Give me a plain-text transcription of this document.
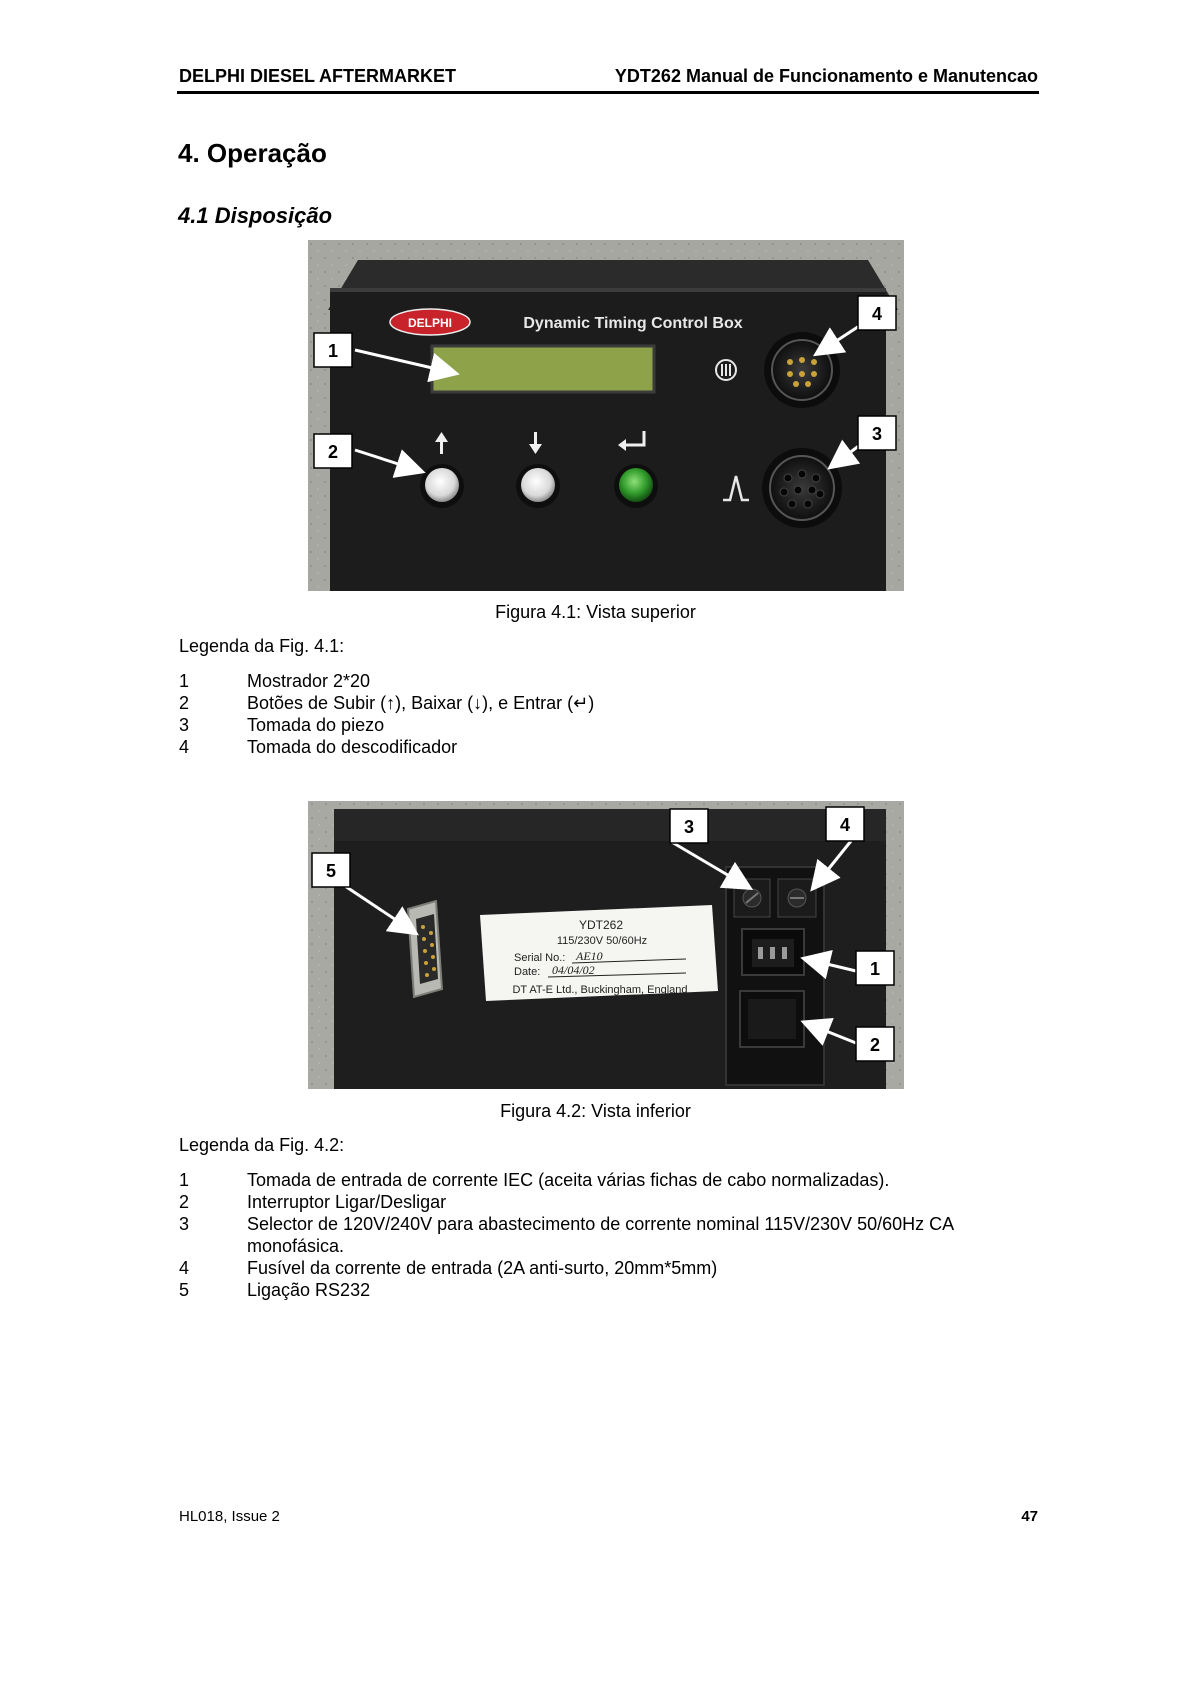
DELPHI DIESEL AFTERMARKET	YDT262 Manual de Funcionamento e Manutencao
4. Operação
4.1 Disposição
DELPHI	Dynamic Timing Control Box
1
2
3
4
Figura 4.1: Vista superior
Legenda da Fig. 4.1:
1	Mostrador 2*20
2	Botões de Subir (↑), Baixar (↓), e Entrar (↵)
3	Tomada do piezo
4	Tomada do descodificador
YDT262
115/230V 50/60Hz
Serial No.: AE10
Date: 04/04/02
DT AT-E Ltd., Buckingham, England
5
3	4
1
2
Figura 4.2: Vista inferior
Legenda da Fig. 4.2:
1	Tomada de entrada de corrente IEC (aceita várias fichas de cabo normalizadas).
2	Interruptor Ligar/Desligar
3	Selector de 120V/240V para abastecimento de corrente nominal 115V/230V 50/60Hz CA monofásica.
4	Fusível da corrente de entrada (2A anti-surto, 20mm*5mm)
5	Ligação RS232
HL018, Issue 2	47
